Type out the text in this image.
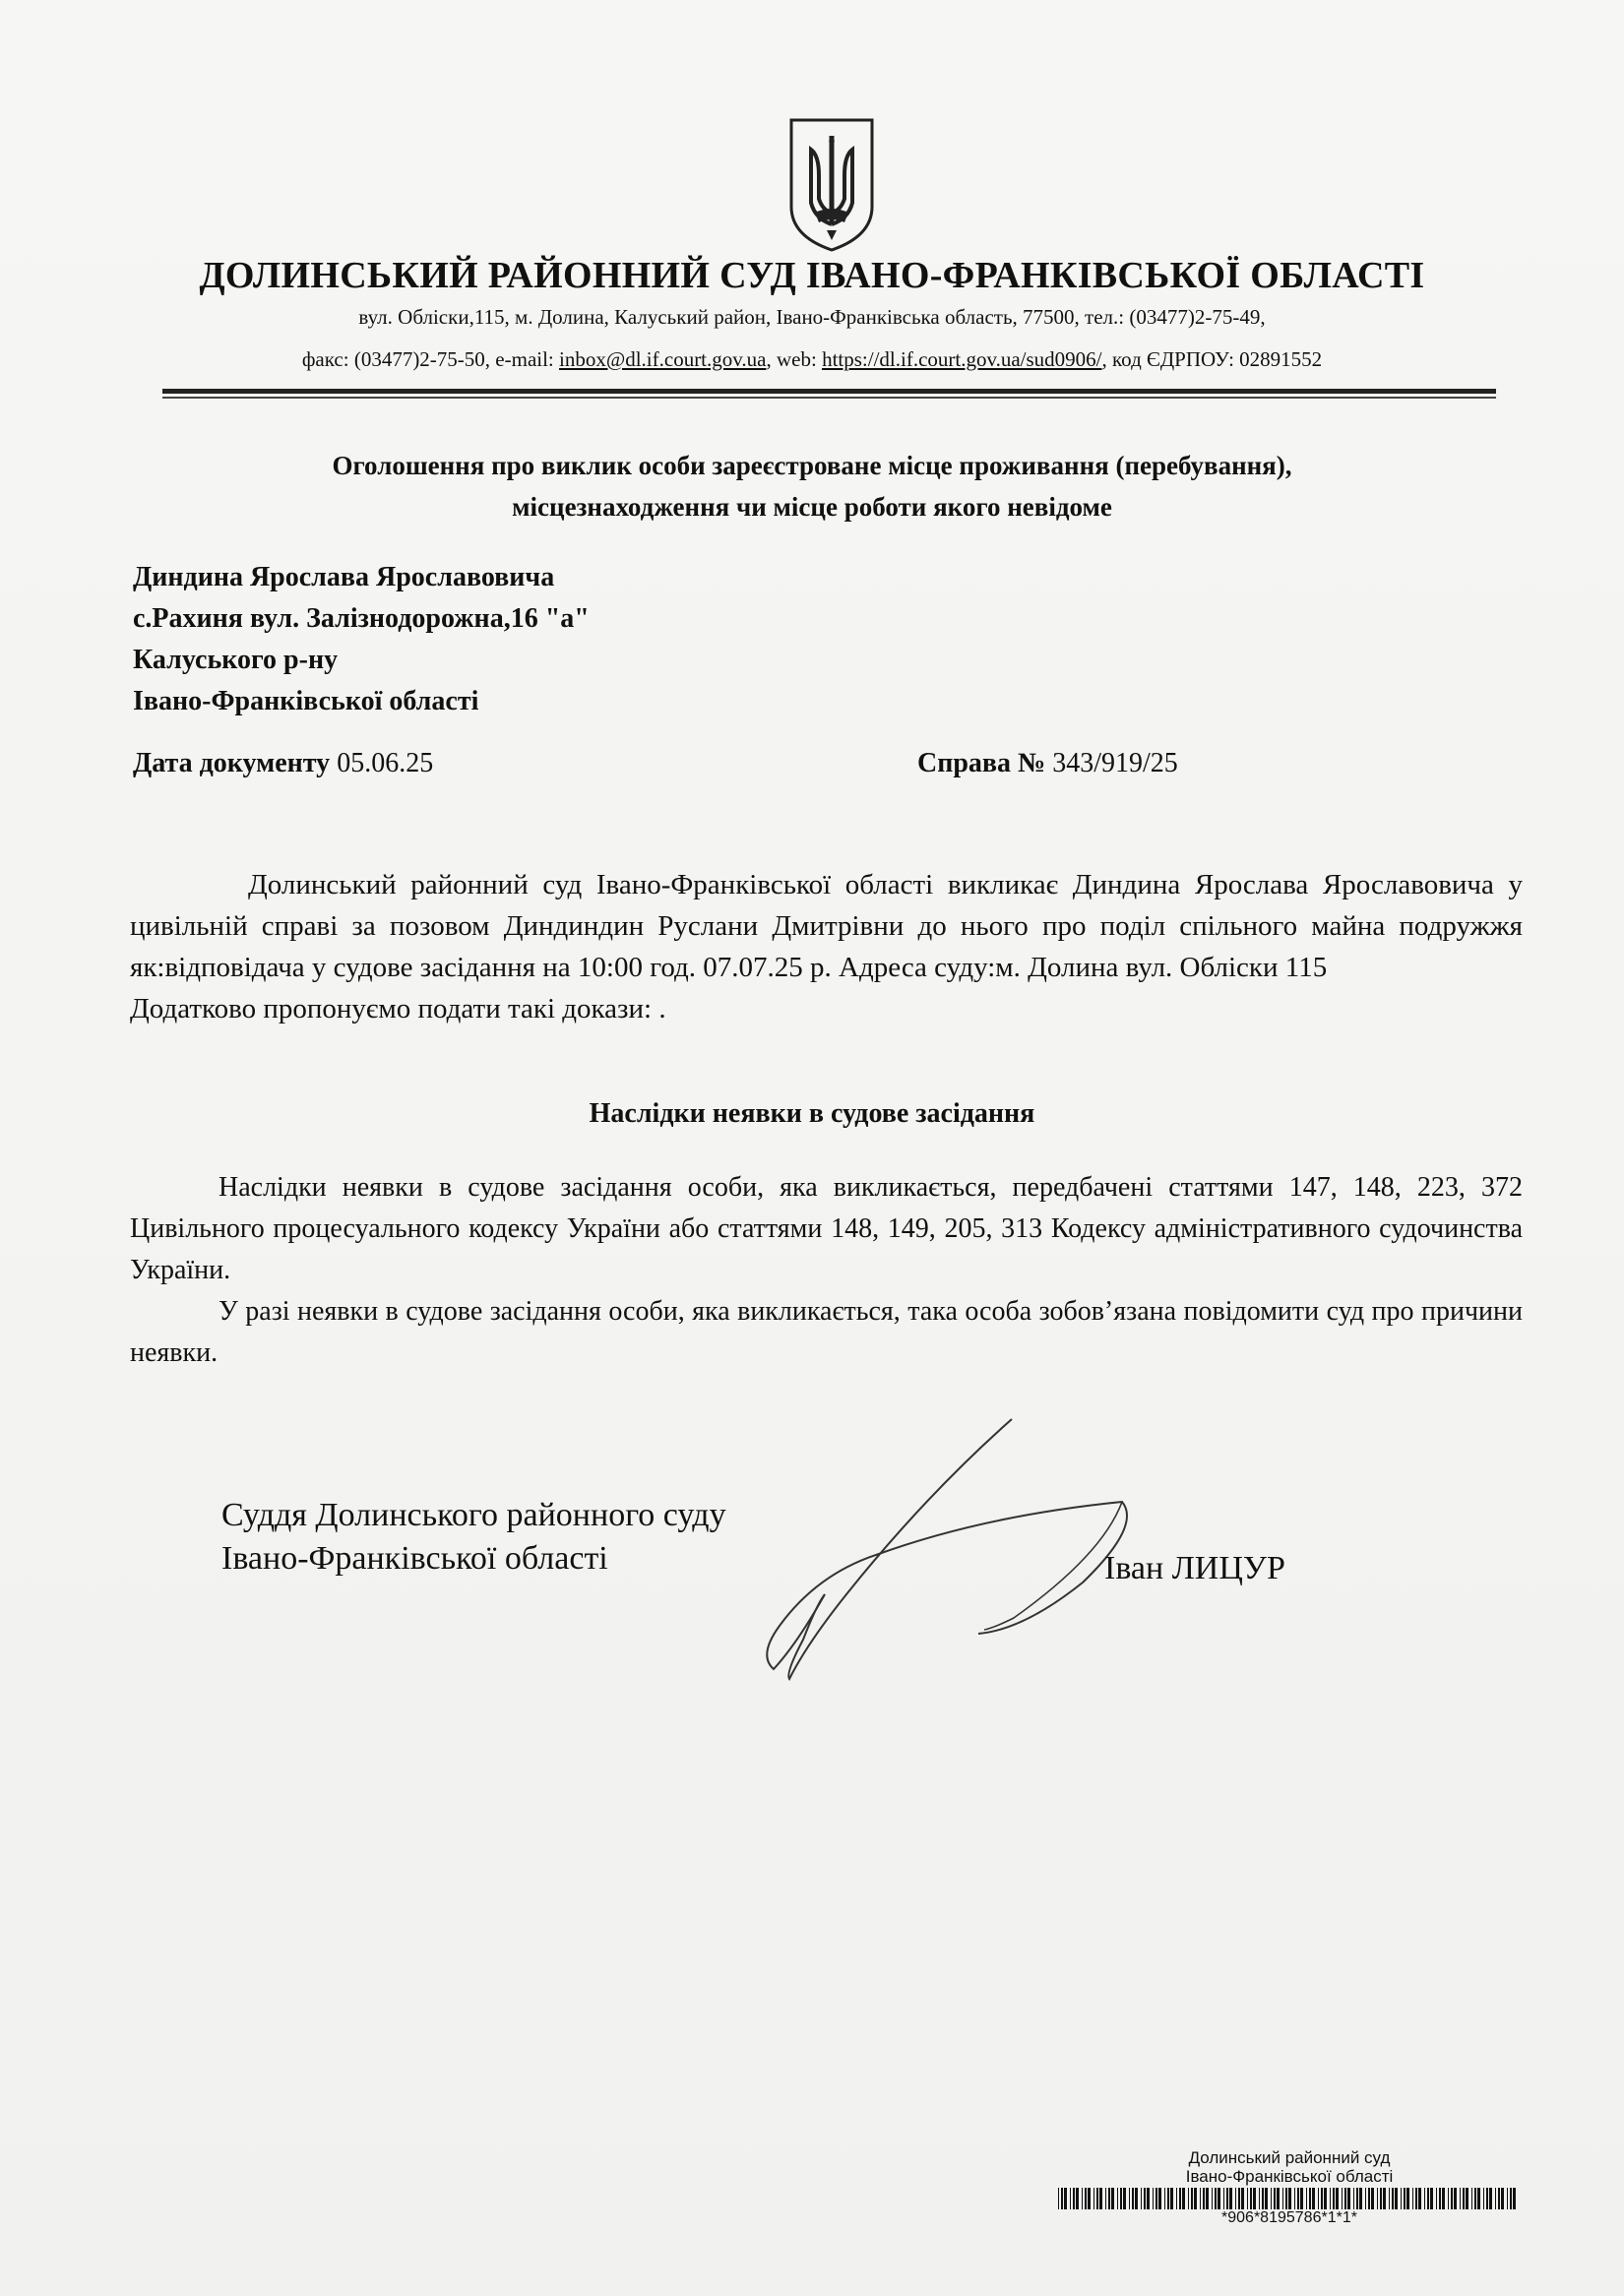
ДОЛИНСЬКИЙ РАЙОННИЙ СУД ІВАНО-ФРАНКІВСЬКОЇ ОБЛАСТІ
вул. Обліски,115, м. Долина, Калуський район, Івано-Франківська область, 77500, тел.: (03477)2-75-49,
факс: (03477)2-75-50, e-mail: inbox@dl.if.court.gov.ua, web: https://dl.if.court.gov.ua/sud0906/, код ЄДРПОУ: 02891552
Оголошення про виклик особи зареєстроване місце проживання (перебування),
місцезнаходження чи місце роботи якого невідоме
Диндина Ярослава Ярославовича
с.Рахиня вул. Залізнодорожна,16 "а"
Калуського р-ну
Івано-Франківської області
Дата документу 05.06.25	Справа № 343/919/25

Долинський районний суд Івано-Франківської області викликає Диндина Ярослава Ярославовича у цивільній справі за позовом Диндиндин Руслани Дмитрівни до нього про поділ спільного майна подружжя як:відповідача у судове засідання на 10:00 год. 07.07.25 р. Адреса суду:м. Долина вул. Обліски 115

Додатково пропонуємо подати такі докази: .

Наслідки неявки в судове засідання

Наслідки неявки в судове засідання особи, яка викликається, передбачені статтями 147, 148, 223, 372 Цивільного процесуального кодексу України або статтями 148, 149, 205, 313 Кодексу адміністративного судочинства України.

У разі неявки в судове засідання особи, яка викликається, така особа зобов’язана повідомити суд про причини неявки.

Суддя Долинського районного суду
Івано-Франківської області	Іван ЛИЦУР
Долинський районний суд
Івано-Франківської області
*906*8195786*1*1*
